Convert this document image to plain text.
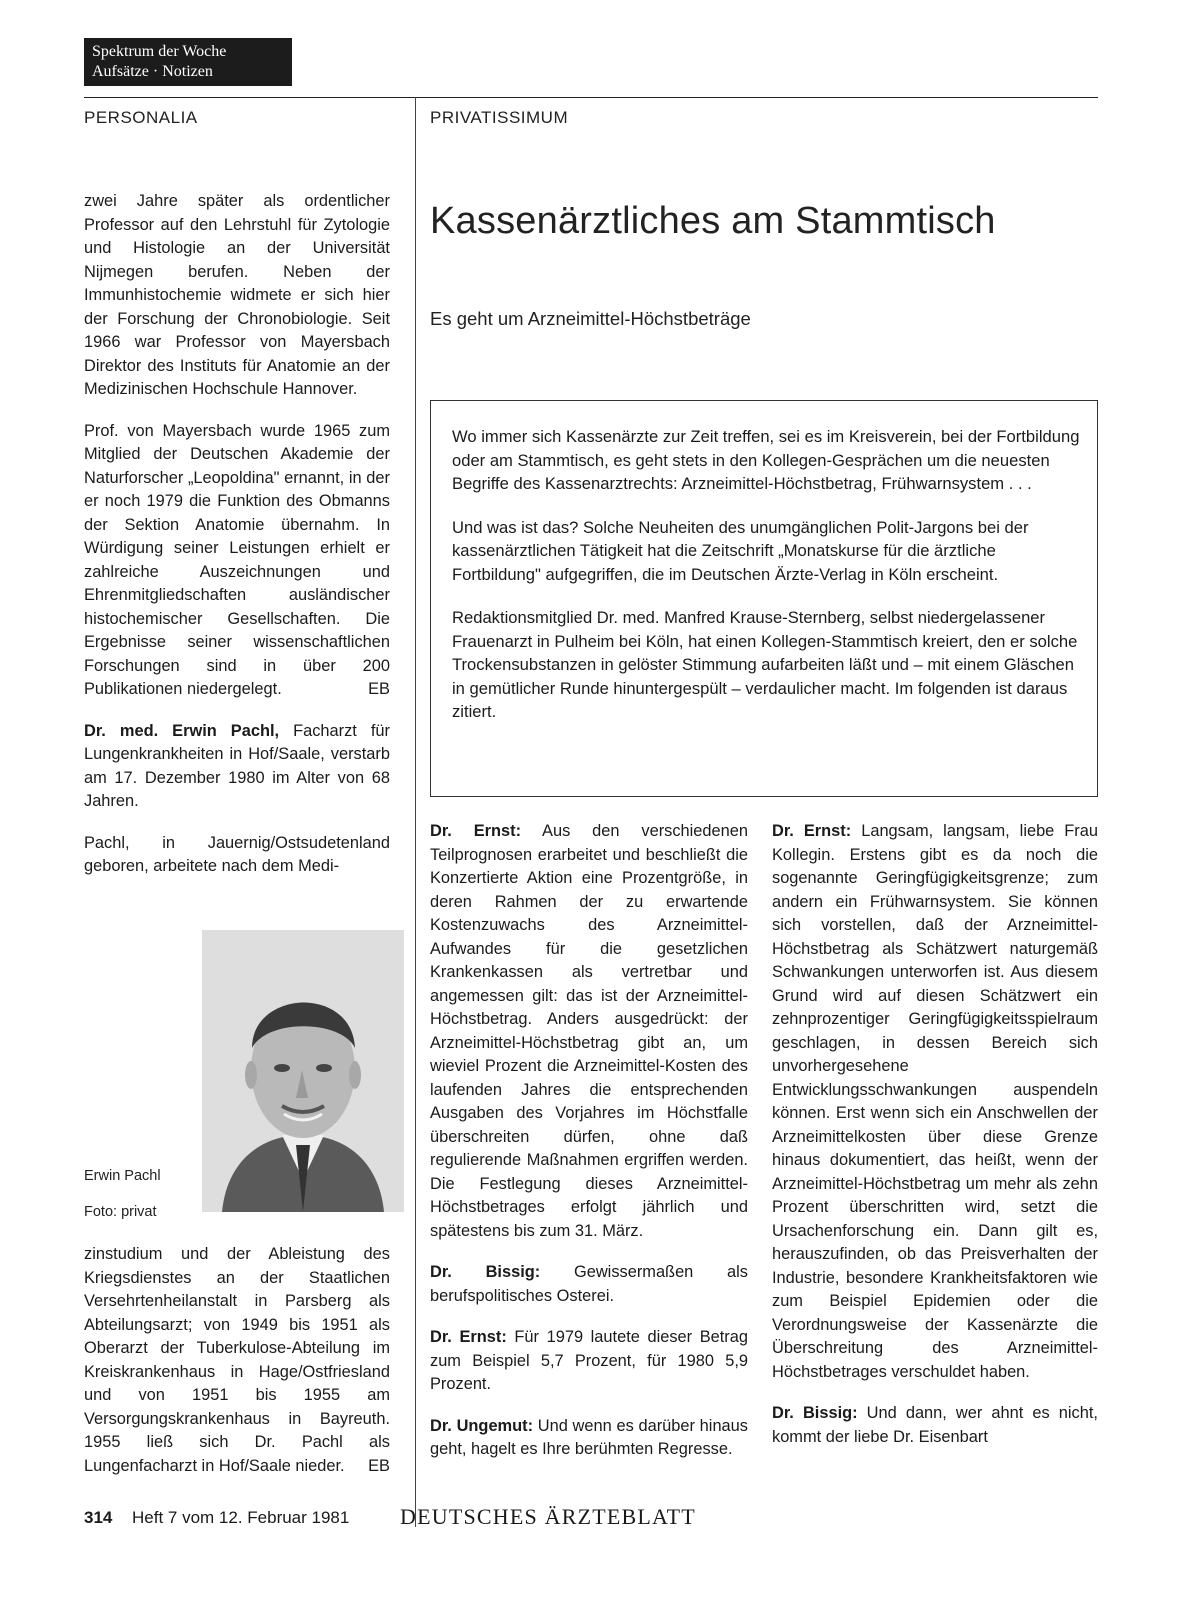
Spektrum der Woche
Aufsätze · Notizen
PERSONALIA	PRIVATISSIMUM

zwei Jahre später als ordentlicher Professor auf den Lehrstuhl für Zytologie und Histologie an der Universität Nijmegen berufen. Neben der Immunhistochemie widmete er sich hier der Forschung der Chronobiologie. Seit 1966 war Professor von Mayersbach Direktor des Instituts für Anatomie an der Medizinischen Hochschule Hannover.

Prof. von Mayersbach wurde 1965 zum Mitglied der Deutschen Akademie der Naturforscher „Leopoldina" ernannt, in der er noch 1979 die Funktion des Obmanns der Sektion Anatomie übernahm. In Würdigung seiner Leistungen erhielt er zahlreiche Auszeichnungen und Ehrenmitgliedschaften ausländischer histochemischer Gesellschaften. Die Ergebnisse seiner wissenschaftlichen Forschungen sind in über 200 Publikationen niedergelegt.	EB

Dr. med. Erwin Pachl, Facharzt für Lungenkrankheiten in Hof/Saale, verstarb am 17. Dezember 1980 im Alter von 68 Jahren.

Pachl, in Jauernig/Ostsudetenland geboren, arbeitete nach dem Medi-

Erwin Pachl
Foto: privat

zinstudium und der Ableistung des Kriegsdienstes an der Staatlichen Versehrtenheilanstalt in Parsberg als Abteilungsarzt; von 1949 bis 1951 als Oberarzt der Tuberkulose-Abteilung im Kreiskrankenhaus in Hage/Ostfriesland und von 1951 bis 1955 am Versorgungskrankenhaus in Bayreuth. 1955 ließ sich Dr. Pachl als Lungenfacharzt in Hof/Saale nieder. EB

Kassenärztliches am Stammtisch
Es geht um Arzneimittel-Höchstbeträge

Wo immer sich Kassenärzte zur Zeit treffen, sei es im Kreisverein, bei der Fortbildung oder am Stammtisch, es geht stets in den Kollegen-Gesprächen um die neuesten Begriffe des Kassenarztrechts: Arzneimittel-Höchstbetrag, Frühwarnsystem . . .

Und was ist das? Solche Neuheiten des unumgänglichen Polit-Jargons bei der kassenärztlichen Tätigkeit hat die Zeitschrift „Monatskurse für die ärztliche Fortbildung" aufgegriffen, die im Deutschen Ärzte-Verlag in Köln erscheint.

Redaktionsmitglied Dr. med. Manfred Krause-Sternberg, selbst niedergelassener Frauenarzt in Pulheim bei Köln, hat einen Kollegen-Stammtisch kreiert, den er solche Trockensubstanzen in gelöster Stimmung aufarbeiten läßt und – mit einem Gläschen in gemütlicher Runde hinuntergespült – verdaulicher macht. Im folgenden ist daraus zitiert.

Dr. Ernst: Aus den verschiedenen Teilprognosen erarbeitet und beschließt die Konzertierte Aktion eine Prozentgröße, in deren Rahmen der zu erwartende Kostenzuwachs des Arzneimittel-Aufwandes für die gesetzlichen Krankenkassen als vertretbar und angemessen gilt: das ist der Arzneimittel-Höchstbetrag. Anders ausgedrückt: der Arzneimittel-Höchstbetrag gibt an, um wieviel Prozent die Arzneimittel-Kosten des laufenden Jahres die entsprechenden Ausgaben des Vorjahres im Höchstfalle überschreiten dürfen, ohne daß regulierende Maßnahmen ergriffen werden. Die Festlegung dieses Arzneimittel-Höchstbetrages erfolgt jährlich und spätestens bis zum 31. März.

Dr. Bissig: Gewissermaßen als berufspolitisches Osterei.

Dr. Ernst: Für 1979 lautete dieser Betrag zum Beispiel 5,7 Prozent, für 1980 5,9 Prozent.

Dr. Ungemut: Und wenn es darüber hinaus geht, hagelt es Ihre berühmten Regresse.

Dr. Ernst: Langsam, langsam, liebe Frau Kollegin. Erstens gibt es da noch die sogenannte Geringfügigkeitsgrenze; zum andern ein Frühwarnsystem. Sie können sich vorstellen, daß der Arzneimittel-Höchstbetrag als Schätzwert naturgemäß Schwankungen unterworfen ist. Aus diesem Grund wird auf diesen Schätzwert ein zehnprozentiger Geringfügigkeitsspielraum geschlagen, in dessen Bereich sich unvorhergesehene Entwicklungsschwankungen auspendeln können. Erst wenn sich ein Anschwellen der Arzneimittelkosten über diese Grenze hinaus dokumentiert, das heißt, wenn der Arzneimittel-Höchstbetrag um mehr als zehn Prozent überschritten wird, setzt die Ursachenforschung ein. Dann gilt es, herauszufinden, ob das Preisverhalten der Industrie, besondere Krankheitsfaktoren wie zum Beispiel Epidemien oder die Verordnungsweise der Kassenärzte die Überschreitung des Arzneimittel-Höchstbetrages verschuldet haben.

Dr. Bissig: Und dann, wer ahnt es nicht, kommt der liebe Dr. Eisenbart

314 Heft 7 vom 12. Februar 1981 DEUTSCHES ÄRZTEBLATT
